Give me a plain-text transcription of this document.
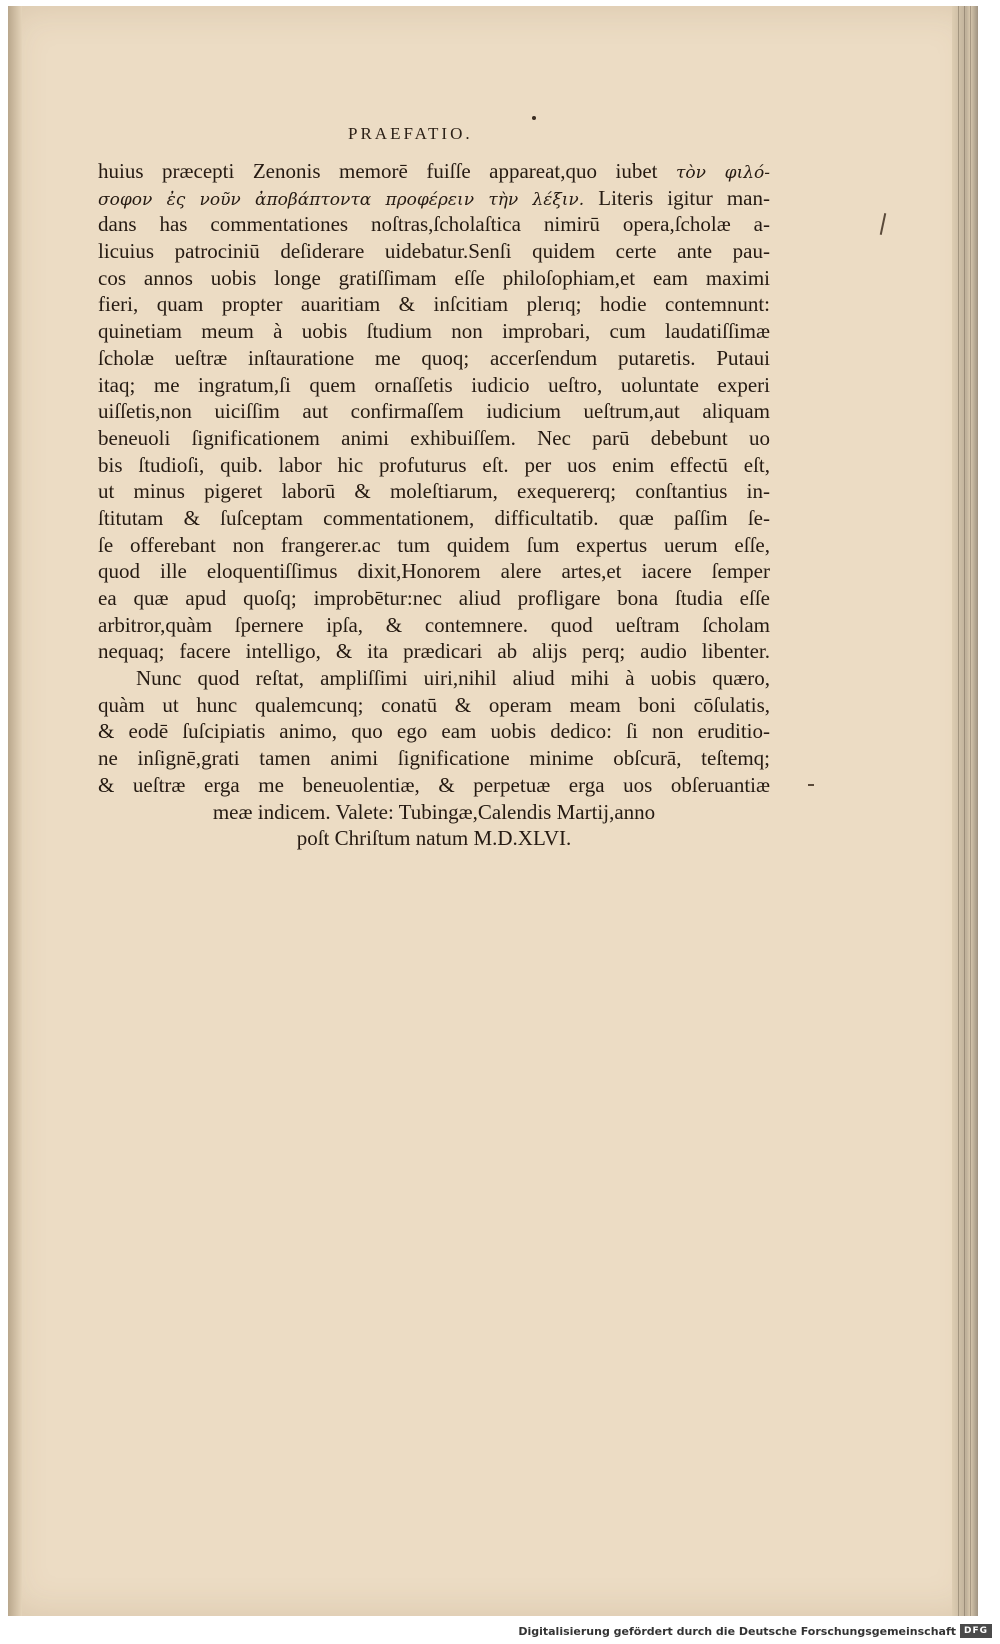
PRAEFATIO.
huius præcepti Zenonis memorē fuiſſe appareat,quo iubet τὸν φιλό-
σοφον ἐς νοῦν ἀποβάπτοντα προφέρειν τὴν λέξιν. Literis igitur man-
dans has commentationes noſtras,ſcholaſtica nimirū opera,ſcholæ a-
licuius patrociniū deſiderare uidebatur.Senſi quidem certe ante pau-
cos annos uobis longe gratiſſimam eſſe philoſophiam,et eam maximi
fieri, quam propter auaritiam & inſcitiam plerıq; hodie contemnunt:
quinetiam meum à uobis ſtudium non improbari, cum laudatiſſimæ
ſcholæ ueſtræ inſtauratione me quoq; accerſendum putaretis. Putaui
itaq; me ingratum,ſi quem ornaſſetis iudicio ueſtro, uoluntate experi
uiſſetis,non uiciſſim aut confirmaſſem iudicium ueſtrum,aut aliquam
beneuoli ſignificationem animi exhibuiſſem. Nec parū debebunt uo
bis ſtudioſi, quib. labor hic profuturus eſt. per uos enim effectū eſt,
ut minus pigeret laborū & moleſtiarum, exequererq; conſtantius in-
ſtitutam & ſuſceptam commentationem, difficultatib. quæ paſſim ſe-
ſe offerebant non frangerer.ac tum quidem ſum expertus uerum eſſe,
quod ille eloquentiſſimus dixit,Honorem alere artes,et iacere ſemper
ea quæ apud quoſq; improbētur:nec aliud profligare bona ſtudia eſſe
arbitror,quàm ſpernere ipſa, & contemnere. quod ueſtram ſcholam
nequaq; facere intelligo, & ita prædicari ab alijs perq; audio libenter.
Nunc quod reſtat, ampliſſimi uiri,nihil aliud mihi à uobis quæro,
quàm ut hunc qualemcunq; conatū & operam meam boni cōſulatis,
& eodē ſuſcipiatis animo, quo ego eam uobis dedico: ſi non eruditio-
ne inſignē,grati tamen animi ſignificatione minime obſcurā, teſtemq;
& ueſtræ erga me beneuolentiæ, & perpetuæ erga uos obſeruantiæ
meæ indicem. Valete: Tubingæ,Calendis Martij,anno
poſt Chriſtum natum M.D.XLVI.
Digitalisierung gefördert durch die Deutsche Forschungsgemeinschaft DFG
